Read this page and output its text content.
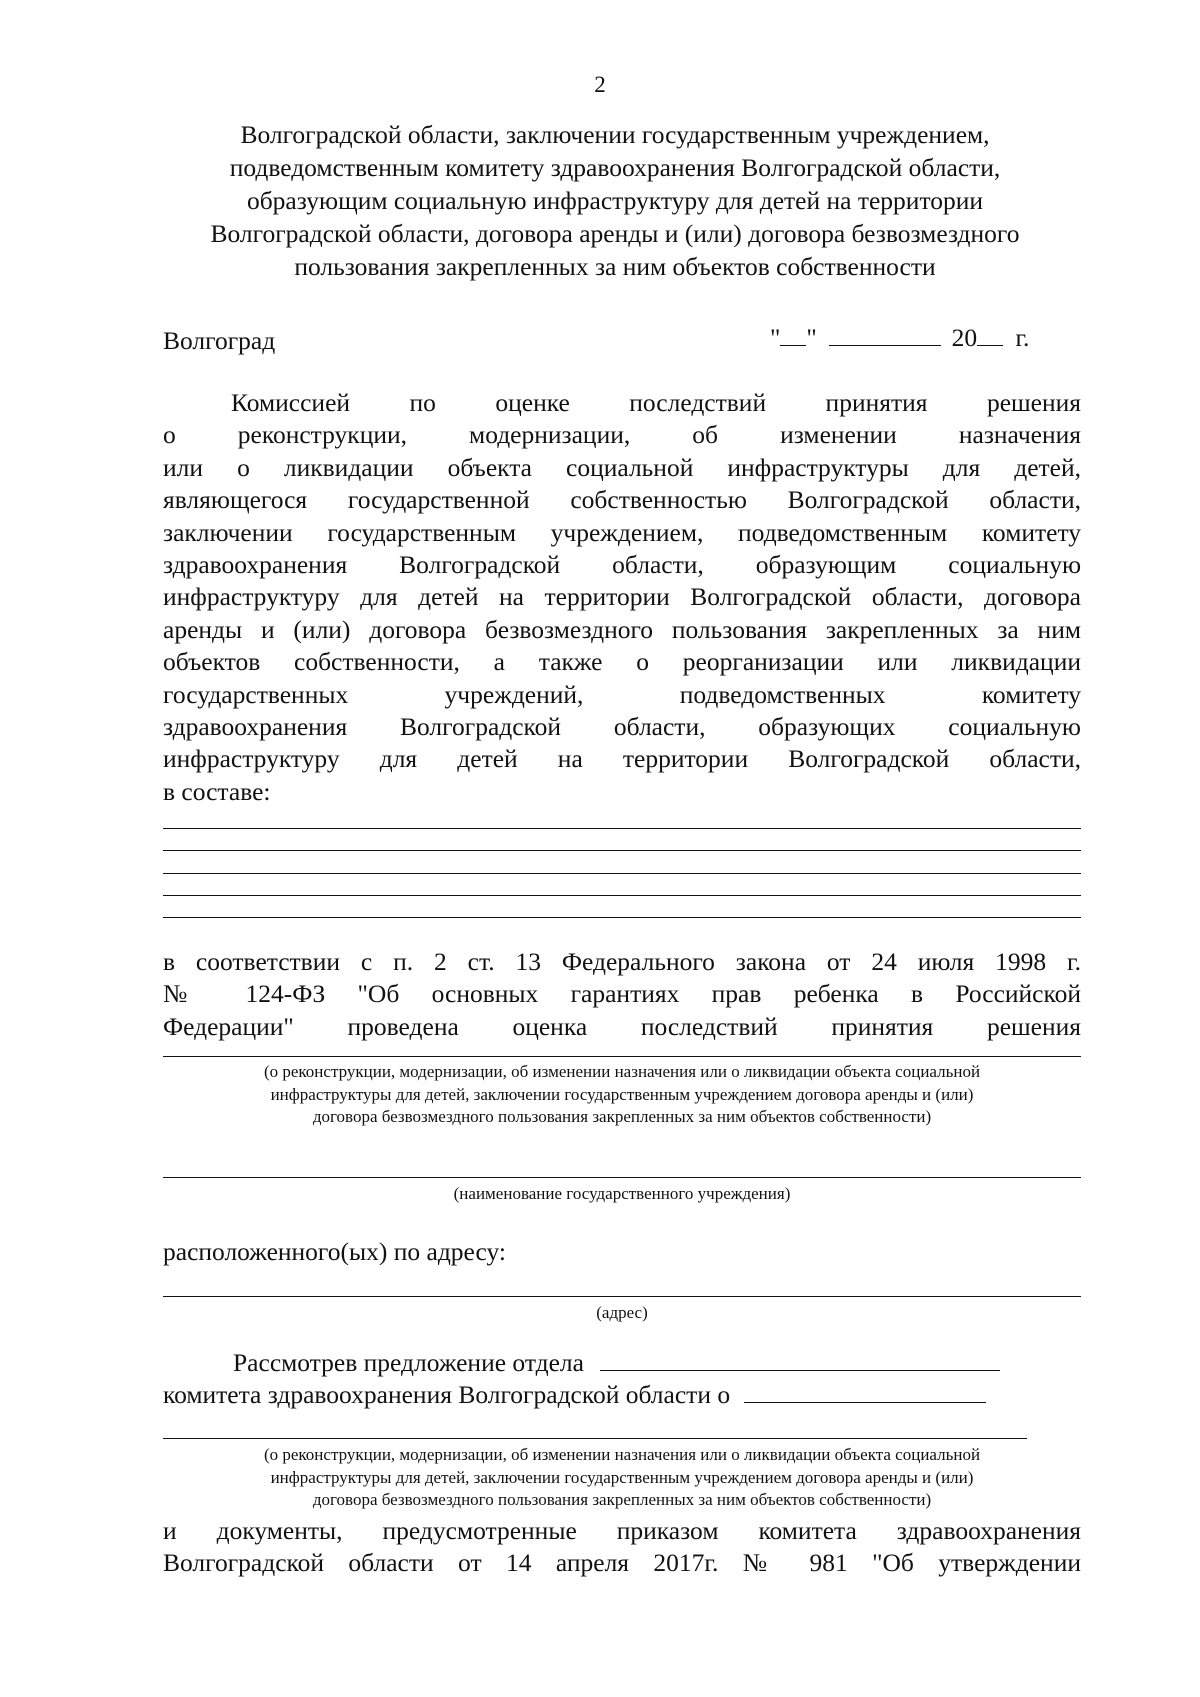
2
Волгоградской области, заключении государственным учреждением,
подведомственным комитету здравоохранения Волгоградской области,
образующим социальную инфраструктуру для детей на территории
Волгоградской области, договора аренды и (или) договора безвозмездного
пользования закрепленных за ним объектов собственности
Волгоград	" "	20 г.
Комиссией по оценке последствий принятия решения
о реконструкции, модернизации, об изменении назначения
или о ликвидации объекта социальной инфраструктуры для детей,
являющегося государственной собственностью Волгоградской области,
заключении государственным учреждением, подведомственным комитету
здравоохранения Волгоградской области, образующим социальную
инфраструктуру для детей на территории Волгоградской области, договора
аренды и (или) договора безвозмездного пользования закрепленных за ним
объектов собственности, а также о реорганизации или ликвидации
государственных учреждений, подведомственных комитету
здравоохранения Волгоградской области, образующих социальную
инфраструктуру для детей на территории Волгоградской области,
в составе:
в соответствии с п. 2 ст. 13 Федерального закона от 24 июля 1998 г.
№ 124-ФЗ "Об основных гарантиях прав ребенка в Российской
Федерации" проведена оценка последствий принятия решения
(о реконструкции, модернизации, об изменении назначения или о ликвидации объекта социальной
инфраструктуры для детей, заключении государственным учреждением договора аренды и (или)
договора безвозмездного пользования закрепленных за ним объектов собственности)
(наименование государственного учреждения)
расположенного(ых) по адресу:
(адрес)
Рассмотрев предложение отдела
комитета здравоохранения Волгоградской области о
(о реконструкции, модернизации, об изменении назначения или о ликвидации объекта социальной
инфраструктуры для детей, заключении государственным учреждением договора аренды и (или)
договора безвозмездного пользования закрепленных за ним объектов собственности)
и документы, предусмотренные приказом комитета здравоохранения
Волгоградской области от 14 апреля 2017г. № 981 "Об утверждении
